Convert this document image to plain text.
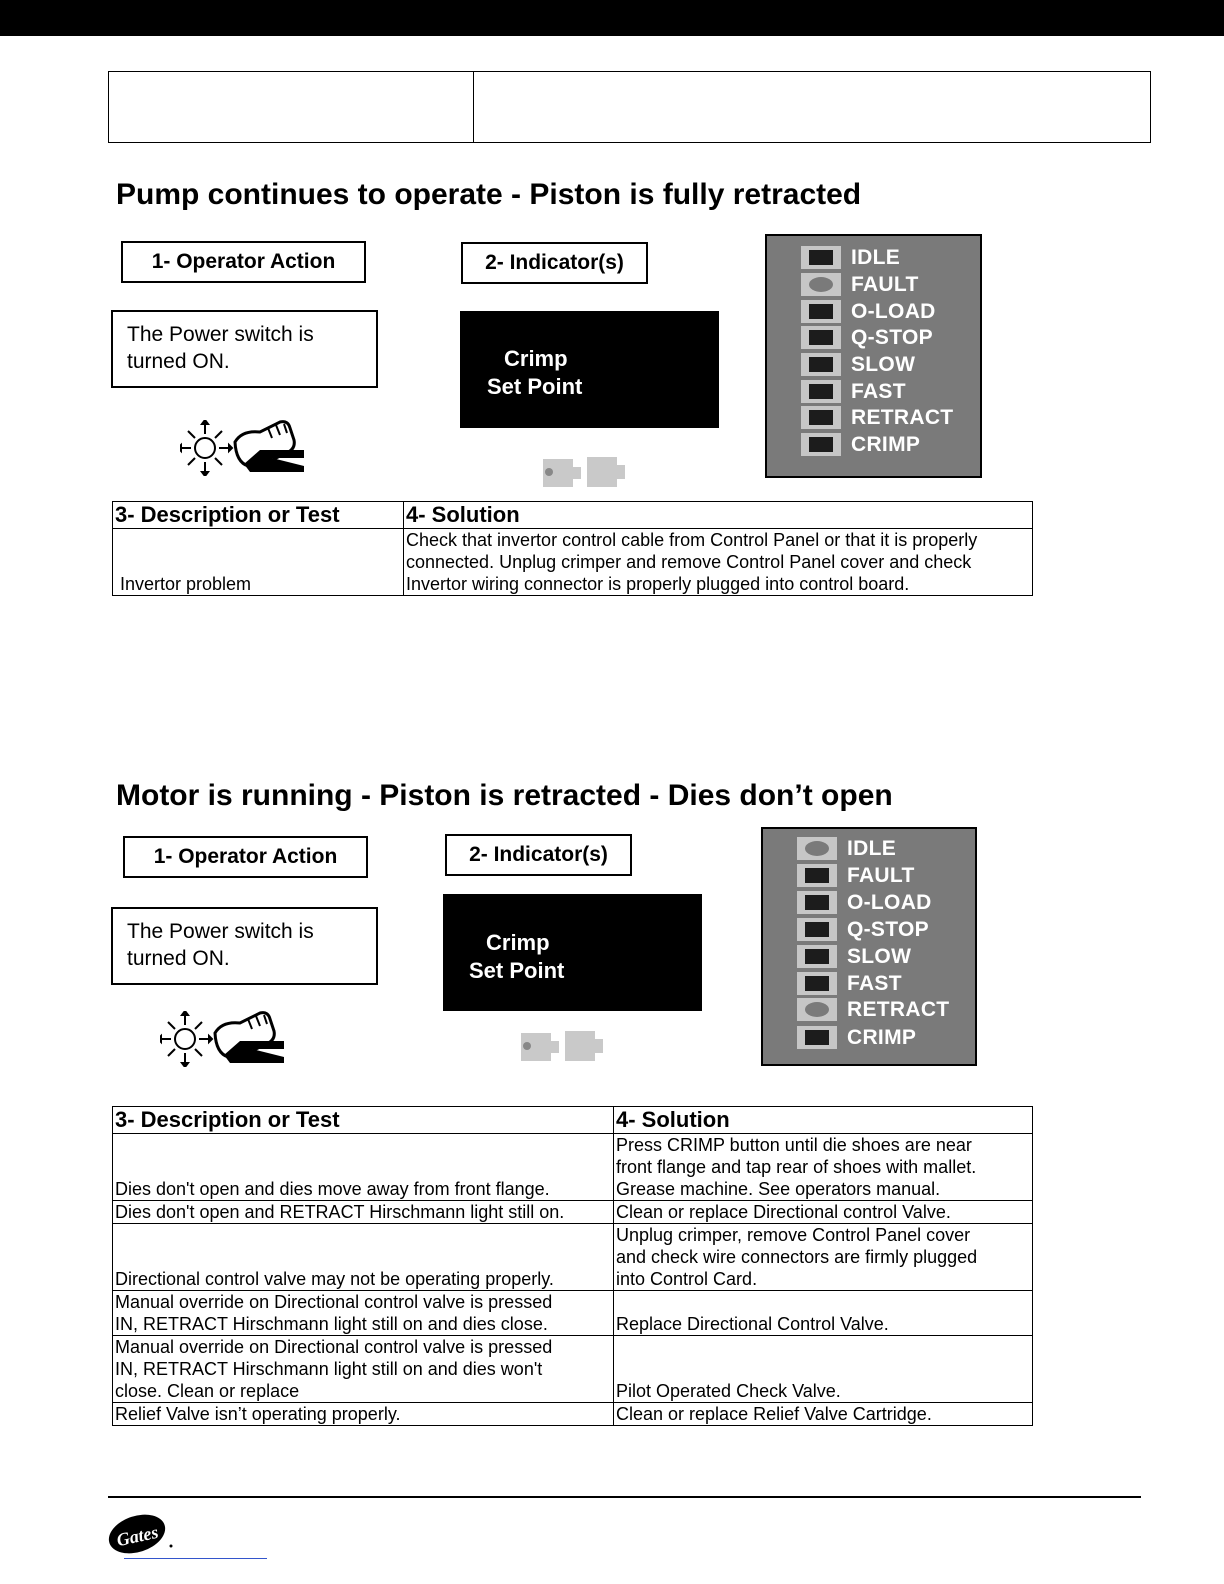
Pump continues to operate - Piston is fully retracted
1- Operator Action	2- Indicator(s)
The Power switch is
turned ON.	Crimp
Set Point
IDLE
FAULT
O-LOAD
Q-STOP
SLOW
FAST
RETRACT
CRIMP
3- Description or Test	4- Solution

Invertor problem	Check that invertor control cable from Control Panel or that it is properly
connected. Unplug crimper and remove Control Panel cover and check
Invertor wiring connector is properly plugged into control board.
Motor is running - Piston is retracted - Dies don’t open
1- Operator Action	2- Indicator(s)
The Power switch is
turned ON.
Crimp
Set Point
IDLE
FAULT
O-LOAD
Q-STOP
SLOW
FAST
RETRACT
CRIMP
3- Description or Test	4- Solution

Dies don't open and dies move away from front flange.	Press CRIMP button until die shoes are near
front flange and tap rear of shoes with mallet.
Grease machine. See operators manual.

Dies don't open and RETRACT Hirschmann light still on.	Clean or replace Directional control Valve.

Directional control valve may not be operating properly.	Unplug crimper, remove Control Panel cover
and check wire connectors are firmly plugged
into Control Card.

Manual override on Directional control valve is pressed
IN, RETRACT Hirschmann light still on and dies close.	Replace Directional Control Valve.

Manual override on Directional control valve is pressed
IN, RETRACT Hirschmann light still on and dies won't
close. Clean or replace	Pilot Operated Check Valve.

Relief Valve isn’t operating properly.	Clean or replace Relief Valve Cartridge.
Gates
